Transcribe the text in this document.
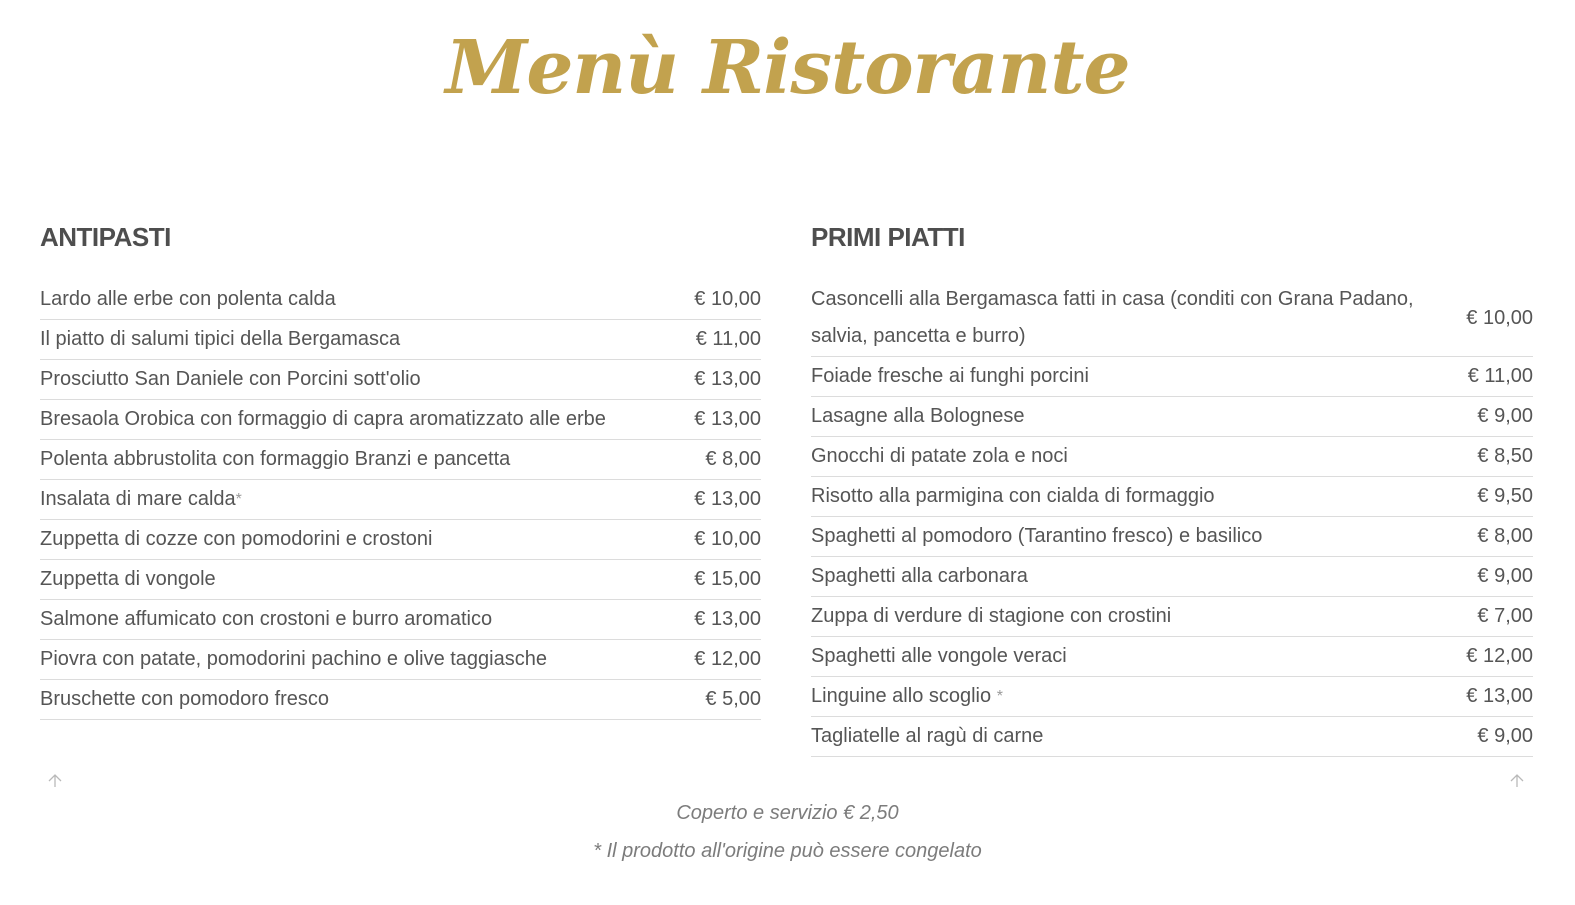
Menù Ristorante
ANTIPASTI
Lardo alle erbe con polenta calda	€ 10,00
Il piatto di salumi tipici della Bergamasca	€ 11,00
Prosciutto San Daniele con Porcini sott'olio	€ 13,00
Bresaola Orobica con formaggio di capra aromatizzato alle erbe	€ 13,00
Polenta abbrustolita con formaggio Branzi e pancetta	€ 8,00
Insalata di mare calda*	€ 13,00
Zuppetta di cozze con pomodorini e crostoni	€ 10,00
Zuppetta di vongole	€ 15,00
Salmone affumicato con crostoni e burro aromatico	€ 13,00
Piovra con patate, pomodorini pachino e olive taggiasche	€ 12,00
Bruschette con pomodoro fresco	€ 5,00
PRIMI PIATTI
Casoncelli alla Bergamasca fatti in casa (conditi con Grana Padano, salvia, pancetta e burro)
€ 10,00
Foiade fresche ai funghi porcini	€ 11,00
Lasagne alla Bolognese	€ 9,00
Gnocchi di patate zola e noci	€ 8,50
Risotto alla parmigina con cialda di formaggio	€ 9,50
Spaghetti al pomodoro (Tarantino fresco) e basilico	€ 8,00
Spaghetti alla carbonara	€ 9,00
Zuppa di verdure di stagione con crostini	€ 7,00
Spaghetti alle vongole veraci	€ 12,00
Linguine allo scoglio *	€ 13,00
Tagliatelle al ragù di carne	€ 9,00
Coperto e servizio € 2,50
* Il prodotto all'origine può essere congelato
